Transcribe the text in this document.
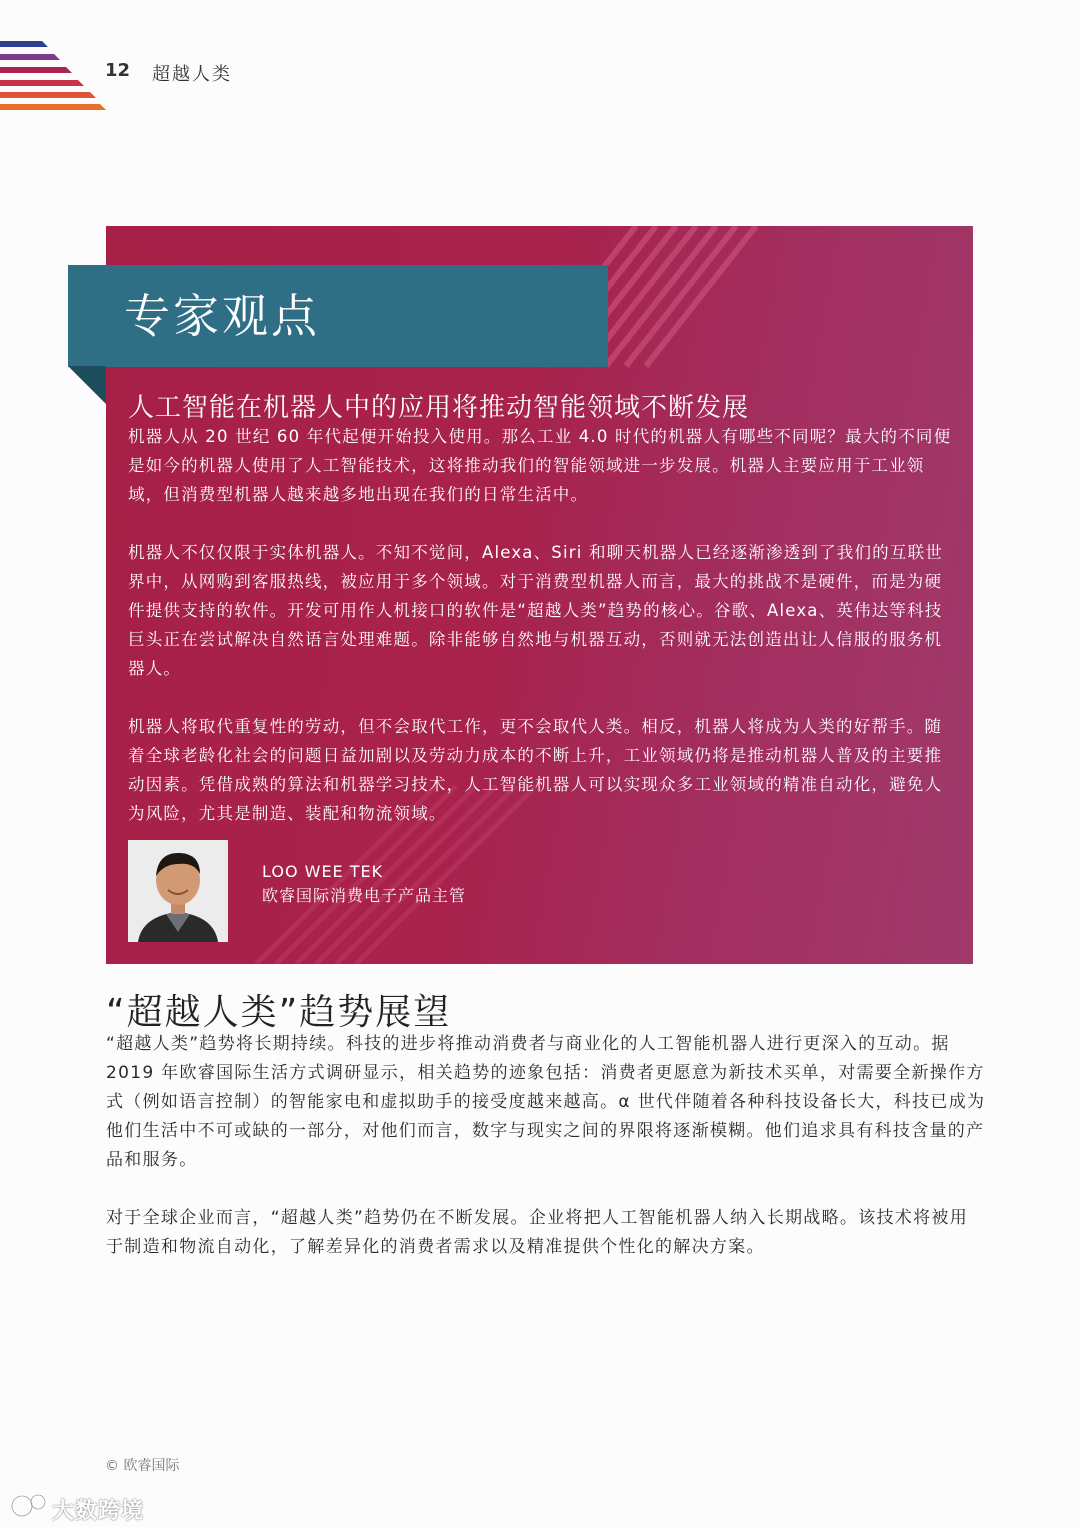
12 超越人类
专家观点
人工智能在机器人中的应用将推动智能领域不断发展

机器人从 20 世纪 60 年代起便开始投入使用。那么工业 4.0 时代的机器人有哪些不同呢？最大的不同便是如今的机器人使用了人工智能技术，这将推动我们的智能领域进一步发展。机器人主要应用于工业领域，但消费型机器人越来越多地出现在我们的日常生活中。

机器人不仅仅限于实体机器人。不知不觉间，Alexa、Siri 和聊天机器人已经逐渐渗透到了我们的互联世界中，从网购到客服热线，被应用于多个领域。对于消费型机器人而言，最大的挑战不是硬件，而是为硬件提供支持的软件。开发可用作人机接口的软件是“超越人类”趋势的核心。谷歌、Alexa、英伟达等科技巨头正在尝试解决自然语言处理难题。除非能够自然地与机器互动，否则就无法创造出让人信服的服务机器人。

机器人将取代重复性的劳动，但不会取代工作，更不会取代人类。相反，机器人将成为人类的好帮手。随着全球老龄化社会的问题日益加剧以及劳动力成本的不断上升，工业领域仍将是推动机器人普及的主要推动因素。凭借成熟的算法和机器学习技术，人工智能机器人可以实现众多工业领域的精准自动化，避免人为风险，尤其是制造、装配和物流领域。

LOO WEE TEK
欧睿国际消费电子产品主管
“超越人类”趋势展望

“超越人类”趋势将长期持续。科技的进步将推动消费者与商业化的人工智能机器人进行更深入的互动。据 2019 年欧睿国际生活方式调研显示，相关趋势的迹象包括：消费者更愿意为新技术买单，对需要全新操作方式（例如语言控制）的智能家电和虚拟助手的接受度越来越高。α 世代伴随着各种科技设备长大，科技已成为他们生活中不可或缺的一部分，对他们而言，数字与现实之间的界限将逐渐模糊。他们追求具有科技含量的产品和服务。

对于全球企业而言，“超越人类”趋势仍在不断发展。企业将把人工智能机器人纳入长期战略。该技术将被用于制造和物流自动化，了解差异化的消费者需求以及精准提供个性化的解决方案。

© 欧睿国际
大数跨境
